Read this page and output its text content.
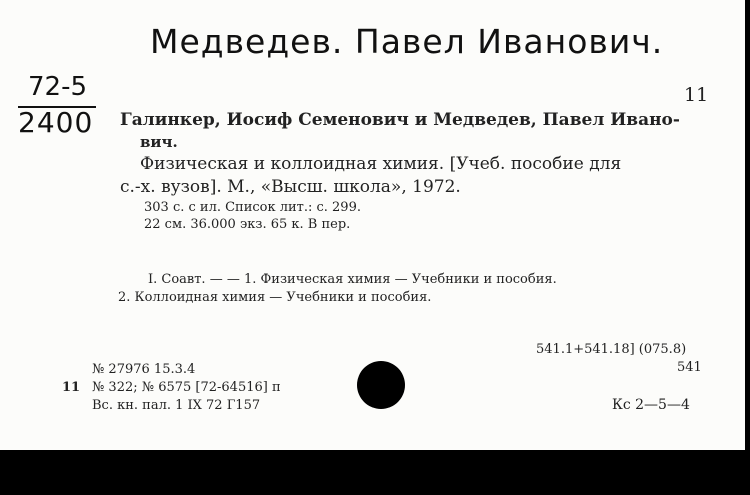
Медведев. Павел Иванович.
72-5
2400
11
Галинкер, Иосиф Семенович и Медведев, Павел Ивано-
вич.
Физическая и коллоидная химия. [Учеб. пособие для
с.-х. вузов]. М., «Высш. школа», 1972.
303 с. с ил. Список лит.: с. 299.
22 см. 36.000 экз. 65 к. В пер.
I. Соавт. — — 1. Физическая химия — Учебники и пособия.
2. Коллоидная химия — Учебники и пособия.
541.1+541.18] (075.8)
541
№ 27976 15.3.4
11 № 322; № 6575 [72-64516] п
Вс. кн. пал. 1 IX 72 Г157	Кс 2—5—4
